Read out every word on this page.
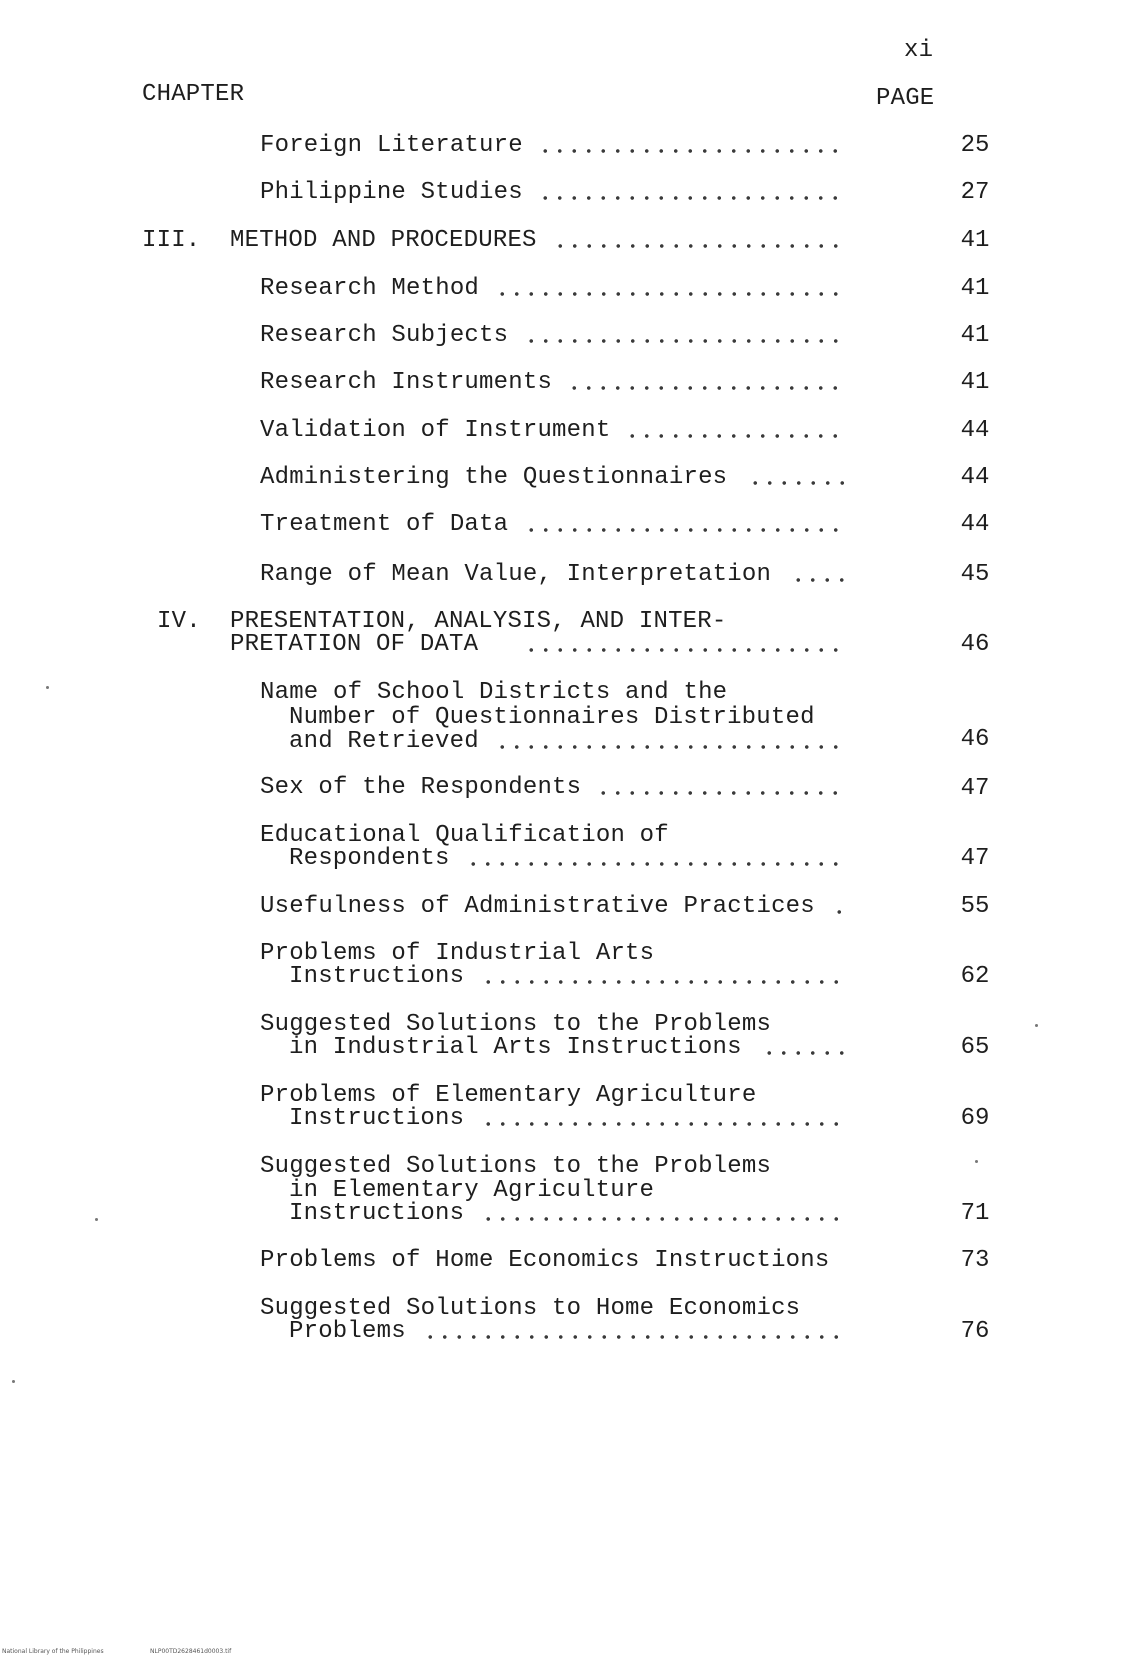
xi
CHAPTER	PAGE
Foreign Literature	25
Philippine Studies	27
III. METHOD AND PROCEDURES	41
Research Method	41
Research Subjects	41
Research Instruments	41
Validation of Instrument	44
Administering the Questionnaires	44
Treatment of Data	44
Range of Mean Value, Interpretation	45
IV. PRESENTATION, ANALYSIS, AND INTER-
PRETATION OF DATA	46
Name of School Districts and the
Number of Questionnaires Distributed
and Retrieved	46
Sex of the Respondents	47
Educational Qualification of
Respondents	47
Usefulness of Administrative Practices	55
Problems of Industrial Arts
Instructions	62
Suggested Solutions to the Problems
in Industrial Arts Instructions	65
Problems of Elementary Agriculture
Instructions	69
Suggested Solutions to the Problems
in Elementary Agriculture
Instructions	71
Problems of Home Economics Instructions	73
Suggested Solutions to Home Economics
Problems	76
National Library of the Philippines	NLP00TD2628461d0003.tif
